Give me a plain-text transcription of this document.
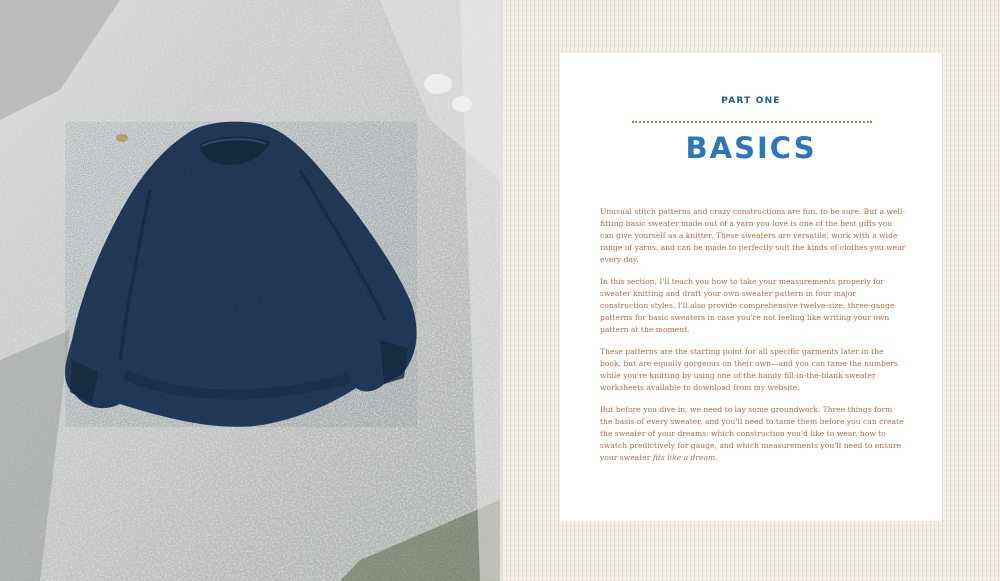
PART ONE
BASICS

Unusual stitch patterns and crazy constructions are fun, to be sure. But a well-fitting basic sweater made out of a yarn you love is one of the best gifts you can give yourself as a knitter. These sweaters are versatile, work with a wide range of yarns, and can be made to perfectly suit the kinds of clothes you wear every day.

In this section, I'll teach you how to take your measurements properly for sweater knitting and draft your own sweater pattern in four major construction styles. I'll also provide comprehensive twelve-size, three-gauge patterns for basic sweaters in case you're not feeling like writing your own pattern at the moment.

These patterns are the starting point for all specific garments later in the book, but are equally gorgeous on their own—and you can tame the numbers while you're knitting by using one of the handy fill-in-the-blank sweater worksheets available to download from my website.

But before you dive in, we need to lay some groundwork. Three things form the basis of every sweater, and you'll need to tame them before you can create the sweater of your dreams: which construction you'd like to wear, how to swatch predictively for gauge, and which measurements you'll need to ensure your sweater fits like a dream.
